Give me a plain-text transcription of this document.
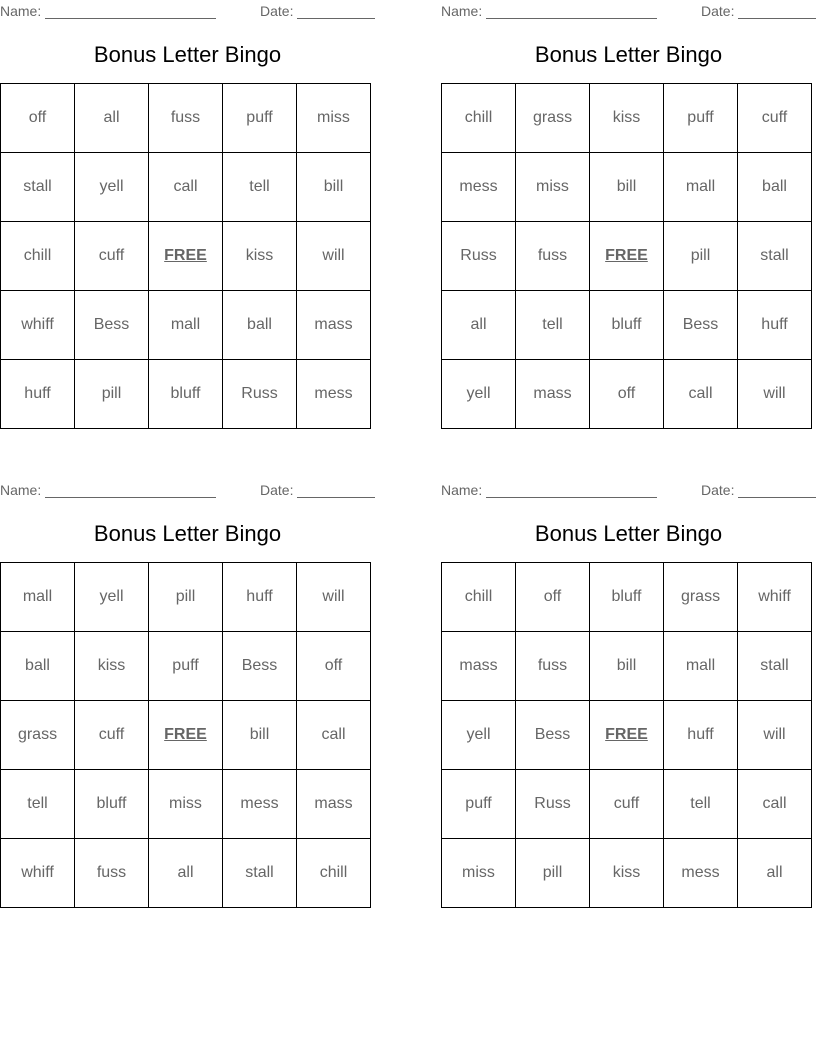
Name:	Date:
Bonus Letter Bingo
off	all	fuss	puff	miss
stall	yell	call	tell	bill
chill	cuff	FREE	kiss	will
whiff	Bess	mall	ball	mass
huff	pill	bluff	Russ	mess
Name:	Date:
Bonus Letter Bingo
chill	grass	kiss	puff	cuff
mess	miss	bill	mall	ball
Russ	fuss	FREE	pill	stall
all	tell	bluff	Bess	huff
yell	mass	off	call	will
Name:	Date:
Bonus Letter Bingo
mall	yell	pill	huff	will
ball	kiss	puff	Bess	off
grass	cuff	FREE	bill	call
tell	bluff	miss	mess	mass
whiff	fuss	all	stall	chill
Name:	Date:
Bonus Letter Bingo
chill	off	bluff	grass	whiff
mass	fuss	bill	mall	stall
yell	Bess	FREE	huff	will
puff	Russ	cuff	tell	call
miss	pill	kiss	mess	all
